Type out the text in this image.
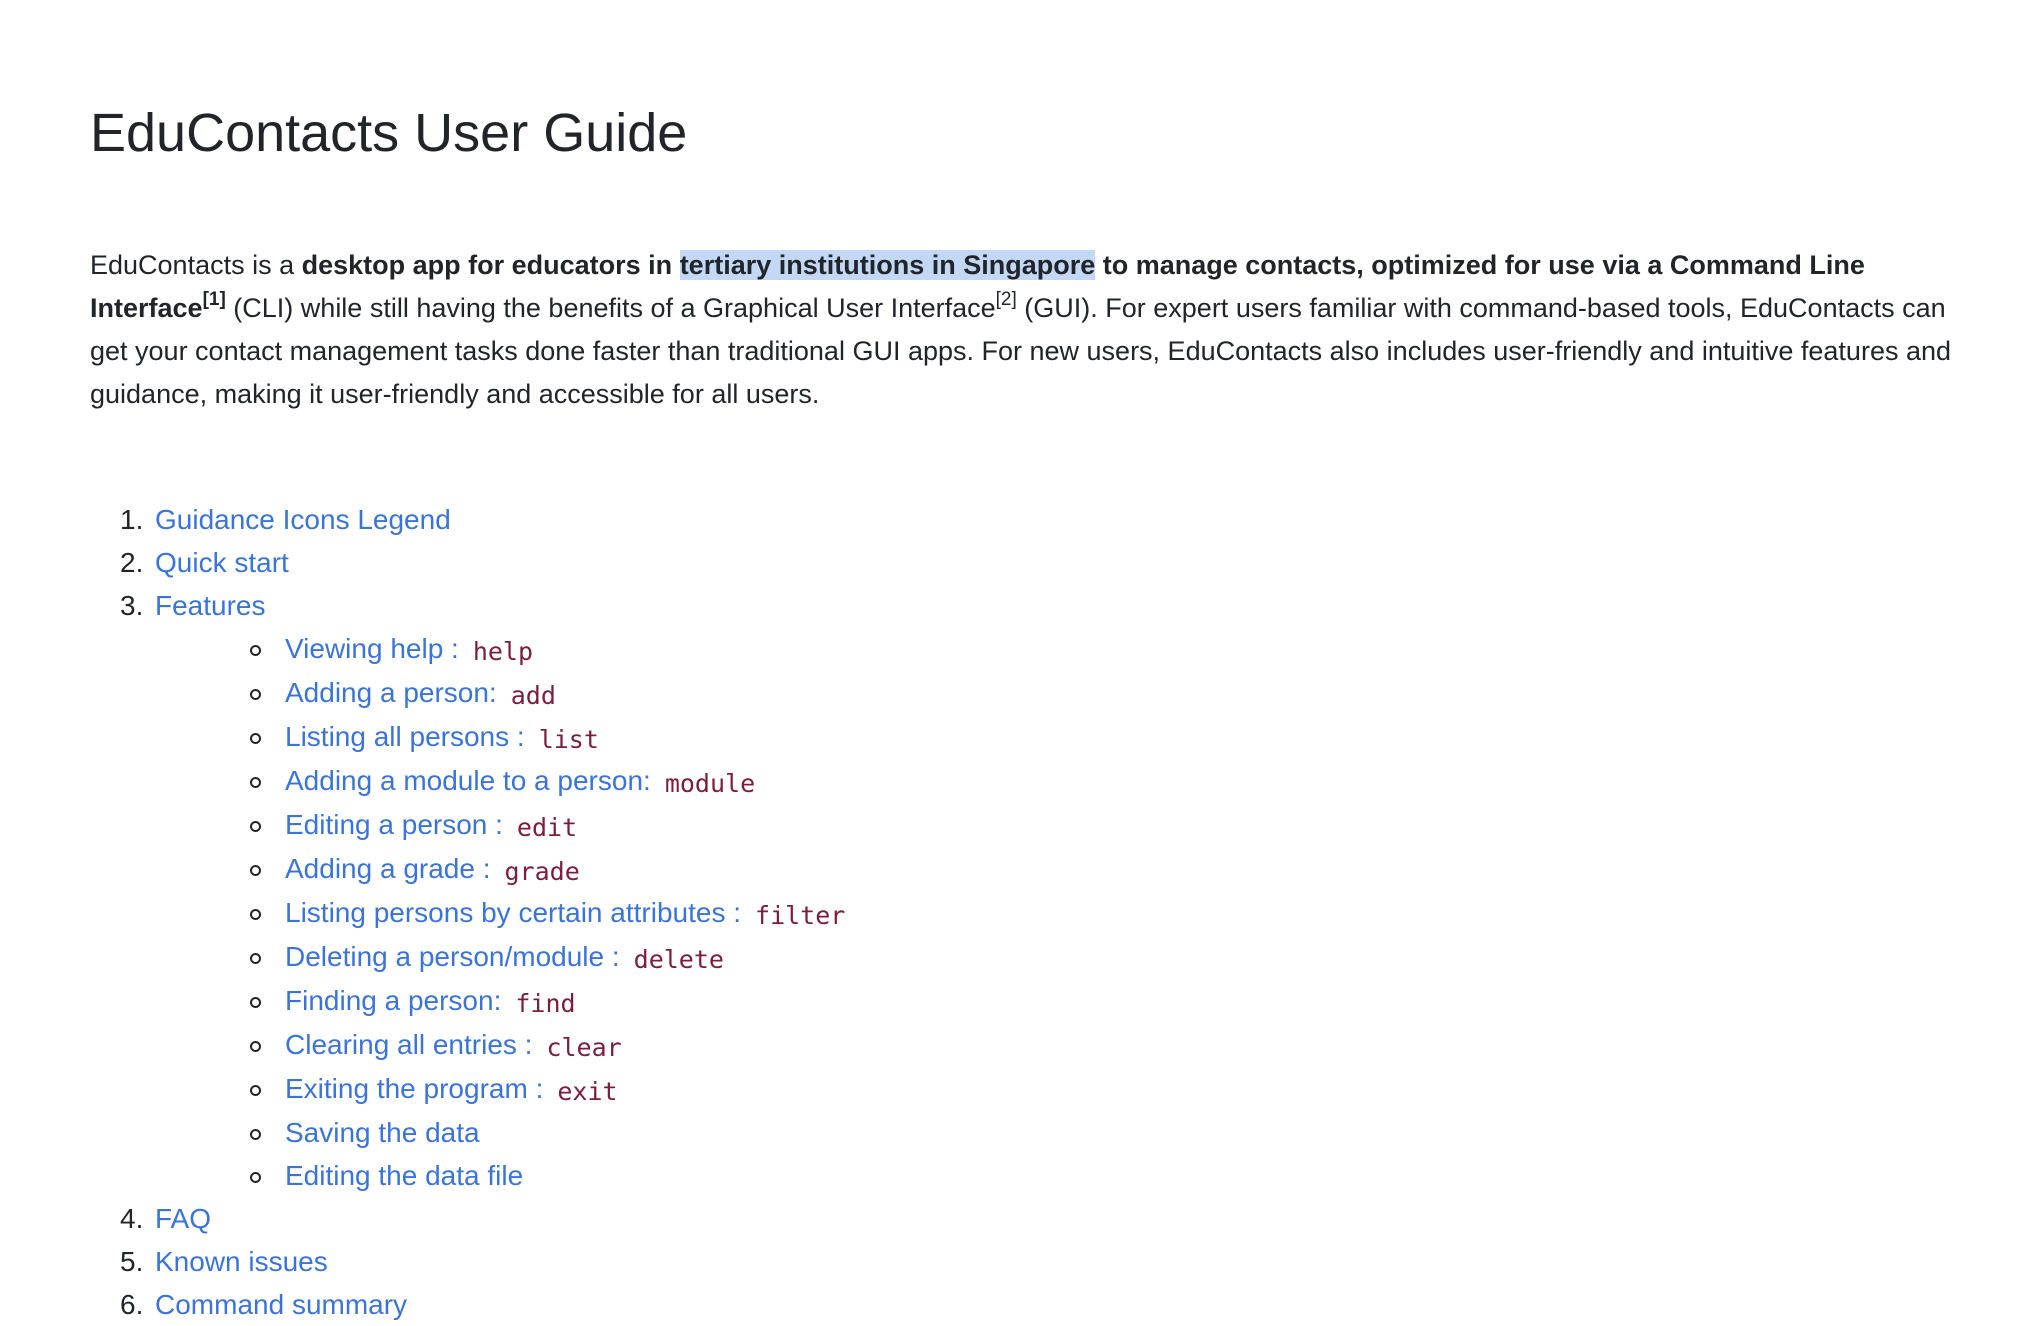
EduContacts User Guide

EduContacts is a desktop app for educators in tertiary institutions in Singapore to manage contacts, optimized for use via a Command Line Interface[1] (CLI) while still having the benefits of a Graphical User Interface[2] (GUI). For expert users familiar with command-based tools, EduContacts can get your contact management tasks done faster than traditional GUI apps. For new users, EduContacts also includes user-friendly and intuitive features and guidance, making it user-friendly and accessible for all users.

1. Guidance Icons Legend
2. Quick start
3. Features
Viewing help : help
Adding a person: add
Listing all persons : list
Adding a module to a person: module
Editing a person : edit
Adding a grade : grade
Listing persons by certain attributes : filter
Deleting a person/module : delete
Finding a person: find
Clearing all entries : clear
Exiting the program : exit
Saving the data
Editing the data file
4. FAQ
5. Known issues
6. Command summary
